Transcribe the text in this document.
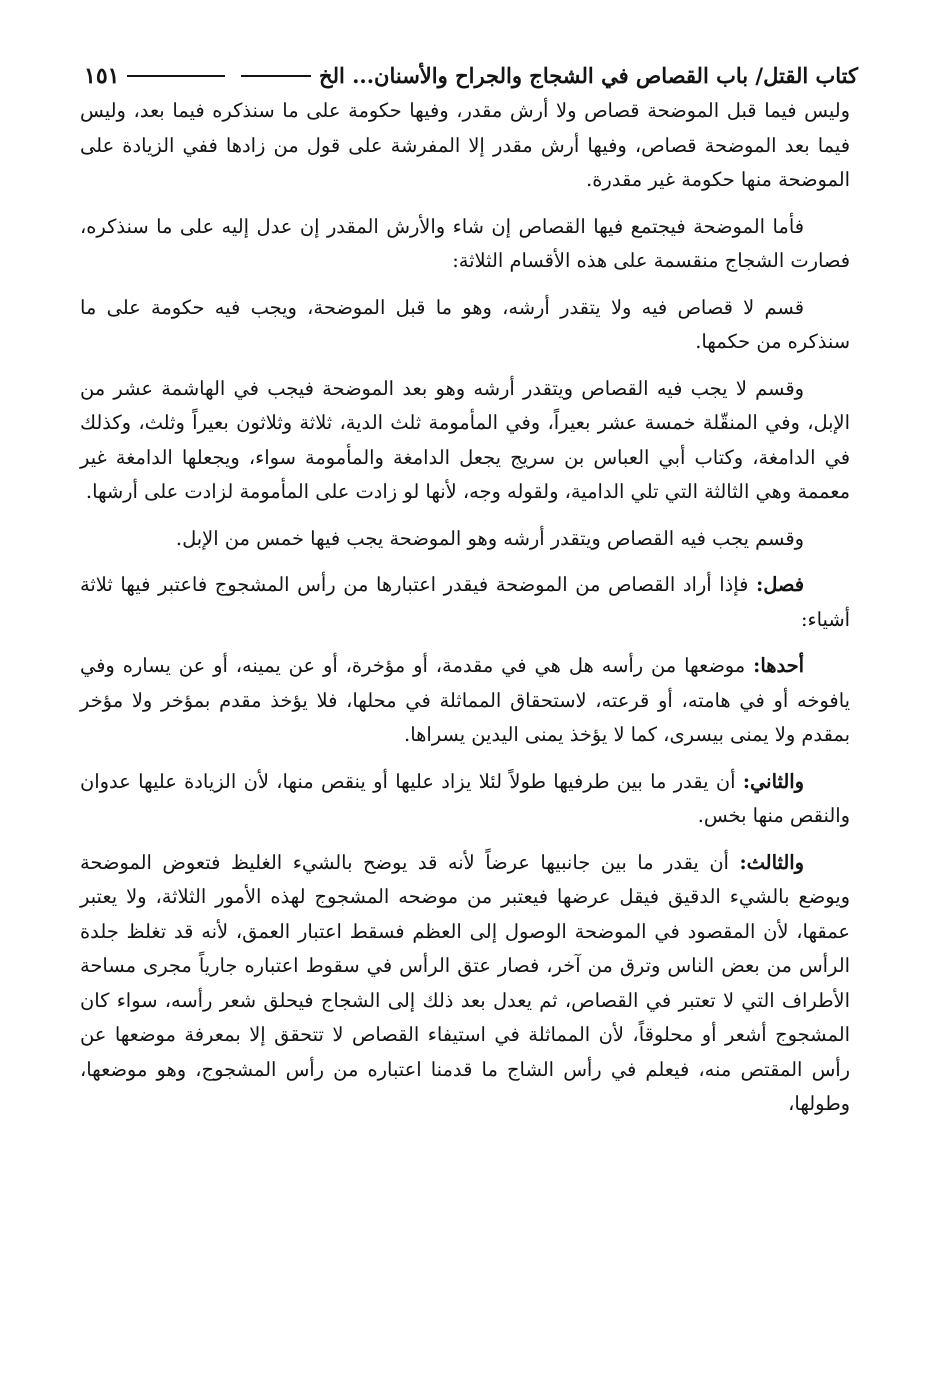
كتاب القتل/ باب القصاص في الشجاج والجراح والأسنان... الخ
١٥١

وليس فيما قبل الموضحة قصاص ولا أرش مقدر، وفيها حكومة على ما سنذكره فيما بعد، وليس فيما بعد الموضحة قصاص، وفيها أرش مقدر إلا المفرشة على قول من زادها ففي الزيادة على الموضحة منها حكومة غير مقدرة.

فأما الموضحة فيجتمع فيها القصاص إن شاء والأرش المقدر إن عدل إليه على ما سنذكره، فصارت الشجاج منقسمة على هذه الأقسام الثلاثة:

قسم لا قصاص فيه ولا يتقدر أرشه، وهو ما قبل الموضحة، ويجب فيه حكومة على ما سنذكره من حكمها.

وقسم لا يجب فيه القصاص ويتقدر أرشه وهو بعد الموضحة فيجب في الهاشمة عشر من الإبل، وفي المنقّلة خمسة عشر بعيراً، وفي المأمومة ثلث الدية، ثلاثة وثلاثون بعيراً وثلث، وكذلك في الدامغة، وكتاب أبي العباس بن سريج يجعل الدامغة والمأمومة سواء، ويجعلها الدامغة غير معممة وهي الثالثة التي تلي الدامية، ولقوله وجه، لأنها لو زادت على المأمومة لزادت على أرشها.

وقسم يجب فيه القصاص ويتقدر أرشه وهو الموضحة يجب فيها خمس من الإبل.

فصل: فإذا أراد القصاص من الموضحة فيقدر اعتبارها من رأس المشجوج فاعتبر فيها ثلاثة أشياء:

أحدها: موضعها من رأسه هل هي في مقدمة، أو مؤخرة، أو عن يمينه، أو عن يساره وفي يافوخه أو في هامته، أو قرعته، لاستحقاق المماثلة في محلها، فلا يؤخذ مقدم بمؤخر ولا مؤخر بمقدم ولا يمنى بيسرى، كما لا يؤخذ يمنى اليدين يسراها.

والثاني: أن يقدر ما بين طرفيها طولاً لئلا يزاد عليها أو ينقص منها، لأن الزيادة عليها عدوان والنقص منها بخس.

والثالث: أن يقدر ما بين جانبيها عرضاً لأنه قد يوضح بالشيء الغليظ فتعوض الموضحة ويوضع بالشيء الدقيق فيقل عرضها فيعتبر من موضحه المشجوج لهذه الأمور الثلاثة، ولا يعتبر عمقها، لأن المقصود في الموضحة الوصول إلى العظم فسقط اعتبار العمق، لأنه قد تغلظ جلدة الرأس من بعض الناس وترق من آخر، فصار عتق الرأس في سقوط اعتباره جارياً مجرى مساحة الأطراف التي لا تعتبر في القصاص، ثم يعدل بعد ذلك إلى الشجاج فيحلق شعر رأسه، سواء كان المشجوج أشعر أو محلوقاً، لأن المماثلة في استيفاء القصاص لا تتحقق إلا بمعرفة موضعها عن رأس المقتص منه، فيعلم في رأس الشاج ما قدمنا اعتباره من رأس المشجوج، وهو موضعها، وطولها،
